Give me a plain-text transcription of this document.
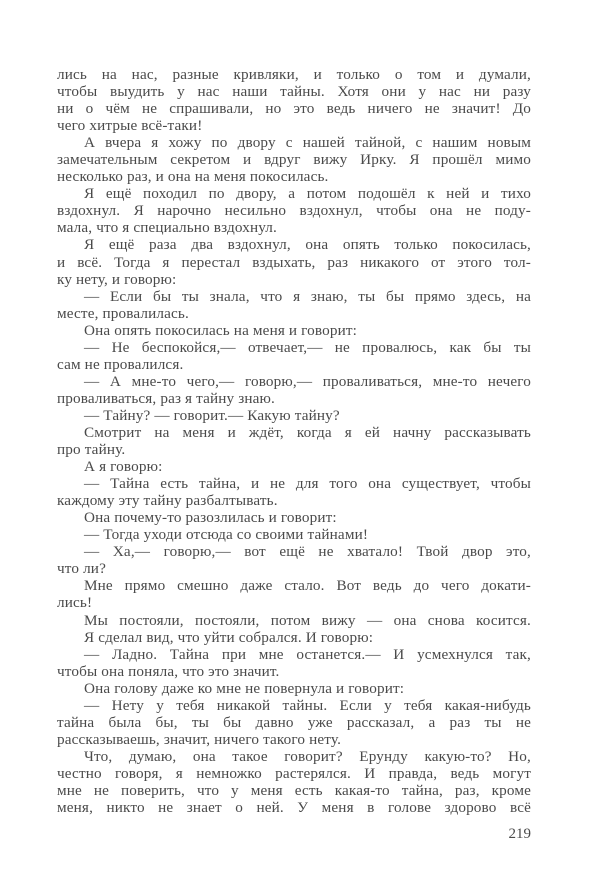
лись на нас, разные кривляки, и только о том и думали,
чтобы выудить у нас наши тайны. Хотя они у нас ни разу
ни о чём не спрашивали, но это ведь ничего не значит! До
чего хитрые всё-таки!
А вчера я хожу по двору с нашей тайной, с нашим новым
замечательным секретом и вдруг вижу Ирку. Я прошёл мимо
несколько раз, и она на меня покосилась.
Я ещё походил по двору, а потом подошёл к ней и тихо
вздохнул. Я нарочно несильно вздохнул, чтобы она не поду-
мала, что я специально вздохнул.
Я ещё раза два вздохнул, она опять только покосилась,
и всё. Тогда я перестал вздыхать, раз никакого от этого тол-
ку нету, и говорю:
— Если бы ты знала, что я знаю, ты бы прямо здесь, на
месте, провалилась.
Она опять покосилась на меня и говорит:
— Не беспокойся,— отвечает,— не провалюсь, как бы ты
сам не провалился.
— А мне-то чего,— говорю,— проваливаться, мне-то нечего
проваливаться, раз я тайну знаю.
— Тайну? — говорит.— Какую тайну?
Смотрит на меня и ждёт, когда я ей начну рассказывать
про тайну.
А я говорю:
— Тайна есть тайна, и не для того она существует, чтобы
каждому эту тайну разбалтывать.
Она почему-то разозлилась и говорит:
— Тогда уходи отсюда со своими тайнами!
— Ха,— говорю,— вот ещё не хватало! Твой двор это,
что ли?
Мне прямо смешно даже стало. Вот ведь до чего докати-
лись!
Мы постояли, постояли, потом вижу — она снова косится.
Я сделал вид, что уйти собрался. И говорю:
— Ладно. Тайна при мне останется.— И усмехнулся так,
чтобы она поняла, что это значит.
Она голову даже ко мне не повернула и говорит:
— Нету у тебя никакой тайны. Если у тебя какая-нибудь
тайна была бы, ты бы давно уже рассказал, а раз ты не
рассказываешь, значит, ничего такого нету.
Что, думаю, она такое говорит? Ерунду какую-то? Но,
честно говоря, я немножко растерялся. И правда, ведь могут
мне не поверить, что у меня есть какая-то тайна, раз, кроме
меня, никто не знает о ней. У меня в голове здорово всё
219
